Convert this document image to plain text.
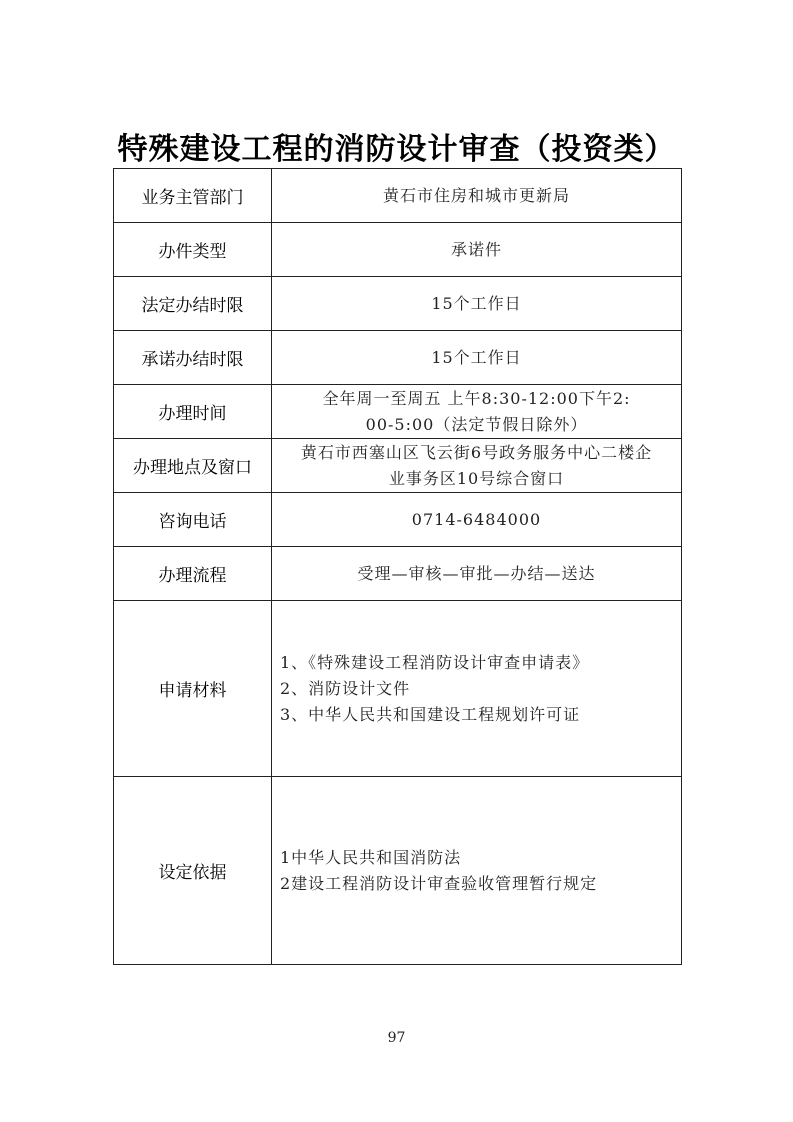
特殊建设工程的消防设计审查（投资类）
业务主管部门	黄石市住房和城市更新局
办件类型	承诺件
法定办结时限	15个工作日
承诺办结时限	15个工作日
办理时间	全年周一至周五 上午8:30-12:00下午2:
00-5:00（法定节假日除外）

办理地点及窗口	黄石市西塞山区飞云街6号政务服务中心二楼企
业事务区10号综合窗口

咨询电话	0714-6484000
办理流程	受理—审核—审批—办结—送达
申请材料	1、《特殊建设工程消防设计审查申请表》
2、消防设计文件
3、中华人民共和国建设工程规划许可证

设定依据	1中华人民共和国消防法
2建设工程消防设计审查验收管理暂行规定
97
